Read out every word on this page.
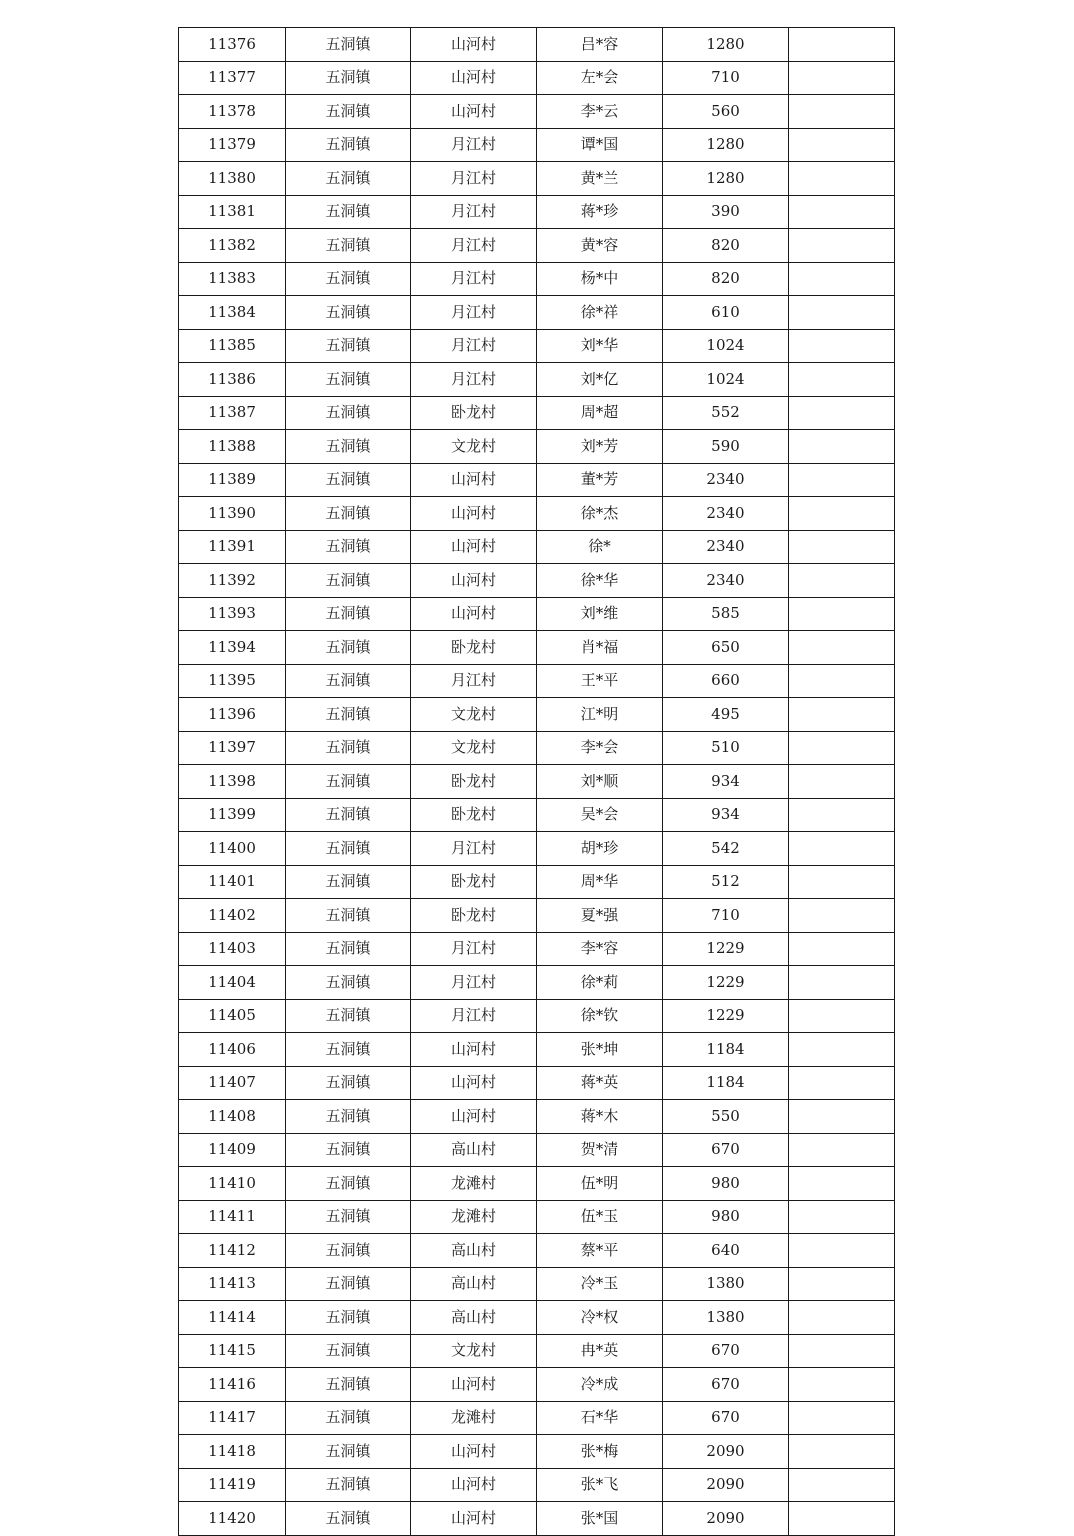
11376	五洞镇	山河村	吕*容	1280	
11377	五洞镇	山河村	左*会	710	
11378	五洞镇	山河村	李*云	560	
11379	五洞镇	月江村	谭*国	1280	
11380	五洞镇	月江村	黄*兰	1280	
11381	五洞镇	月江村	蒋*珍	390	
11382	五洞镇	月江村	黄*容	820	
11383	五洞镇	月江村	杨*中	820	
11384	五洞镇	月江村	徐*祥	610	
11385	五洞镇	月江村	刘*华	1024	
11386	五洞镇	月江村	刘*亿	1024	
11387	五洞镇	卧龙村	周*超	552	
11388	五洞镇	文龙村	刘*芳	590	
11389	五洞镇	山河村	董*芳	2340	
11390	五洞镇	山河村	徐*杰	2340	
11391	五洞镇	山河村	徐*	2340	
11392	五洞镇	山河村	徐*华	2340	
11393	五洞镇	山河村	刘*维	585	
11394	五洞镇	卧龙村	肖*福	650	
11395	五洞镇	月江村	王*平	660	
11396	五洞镇	文龙村	江*明	495	
11397	五洞镇	文龙村	李*会	510	
11398	五洞镇	卧龙村	刘*顺	934	
11399	五洞镇	卧龙村	吴*会	934	
11400	五洞镇	月江村	胡*珍	542	
11401	五洞镇	卧龙村	周*华	512	
11402	五洞镇	卧龙村	夏*强	710	
11403	五洞镇	月江村	李*容	1229	
11404	五洞镇	月江村	徐*莉	1229	
11405	五洞镇	月江村	徐*钦	1229	
11406	五洞镇	山河村	张*坤	1184	
11407	五洞镇	山河村	蒋*英	1184	
11408	五洞镇	山河村	蒋*木	550	
11409	五洞镇	高山村	贺*清	670	
11410	五洞镇	龙滩村	伍*明	980	
11411	五洞镇	龙滩村	伍*玉	980	
11412	五洞镇	高山村	蔡*平	640	
11413	五洞镇	高山村	冷*玉	1380	
11414	五洞镇	高山村	冷*权	1380	
11415	五洞镇	文龙村	冉*英	670	
11416	五洞镇	山河村	冷*成	670	
11417	五洞镇	龙滩村	石*华	670	
11418	五洞镇	山河村	张*梅	2090	
11419	五洞镇	山河村	张*飞	2090	
11420	五洞镇	山河村	张*国	2090	
